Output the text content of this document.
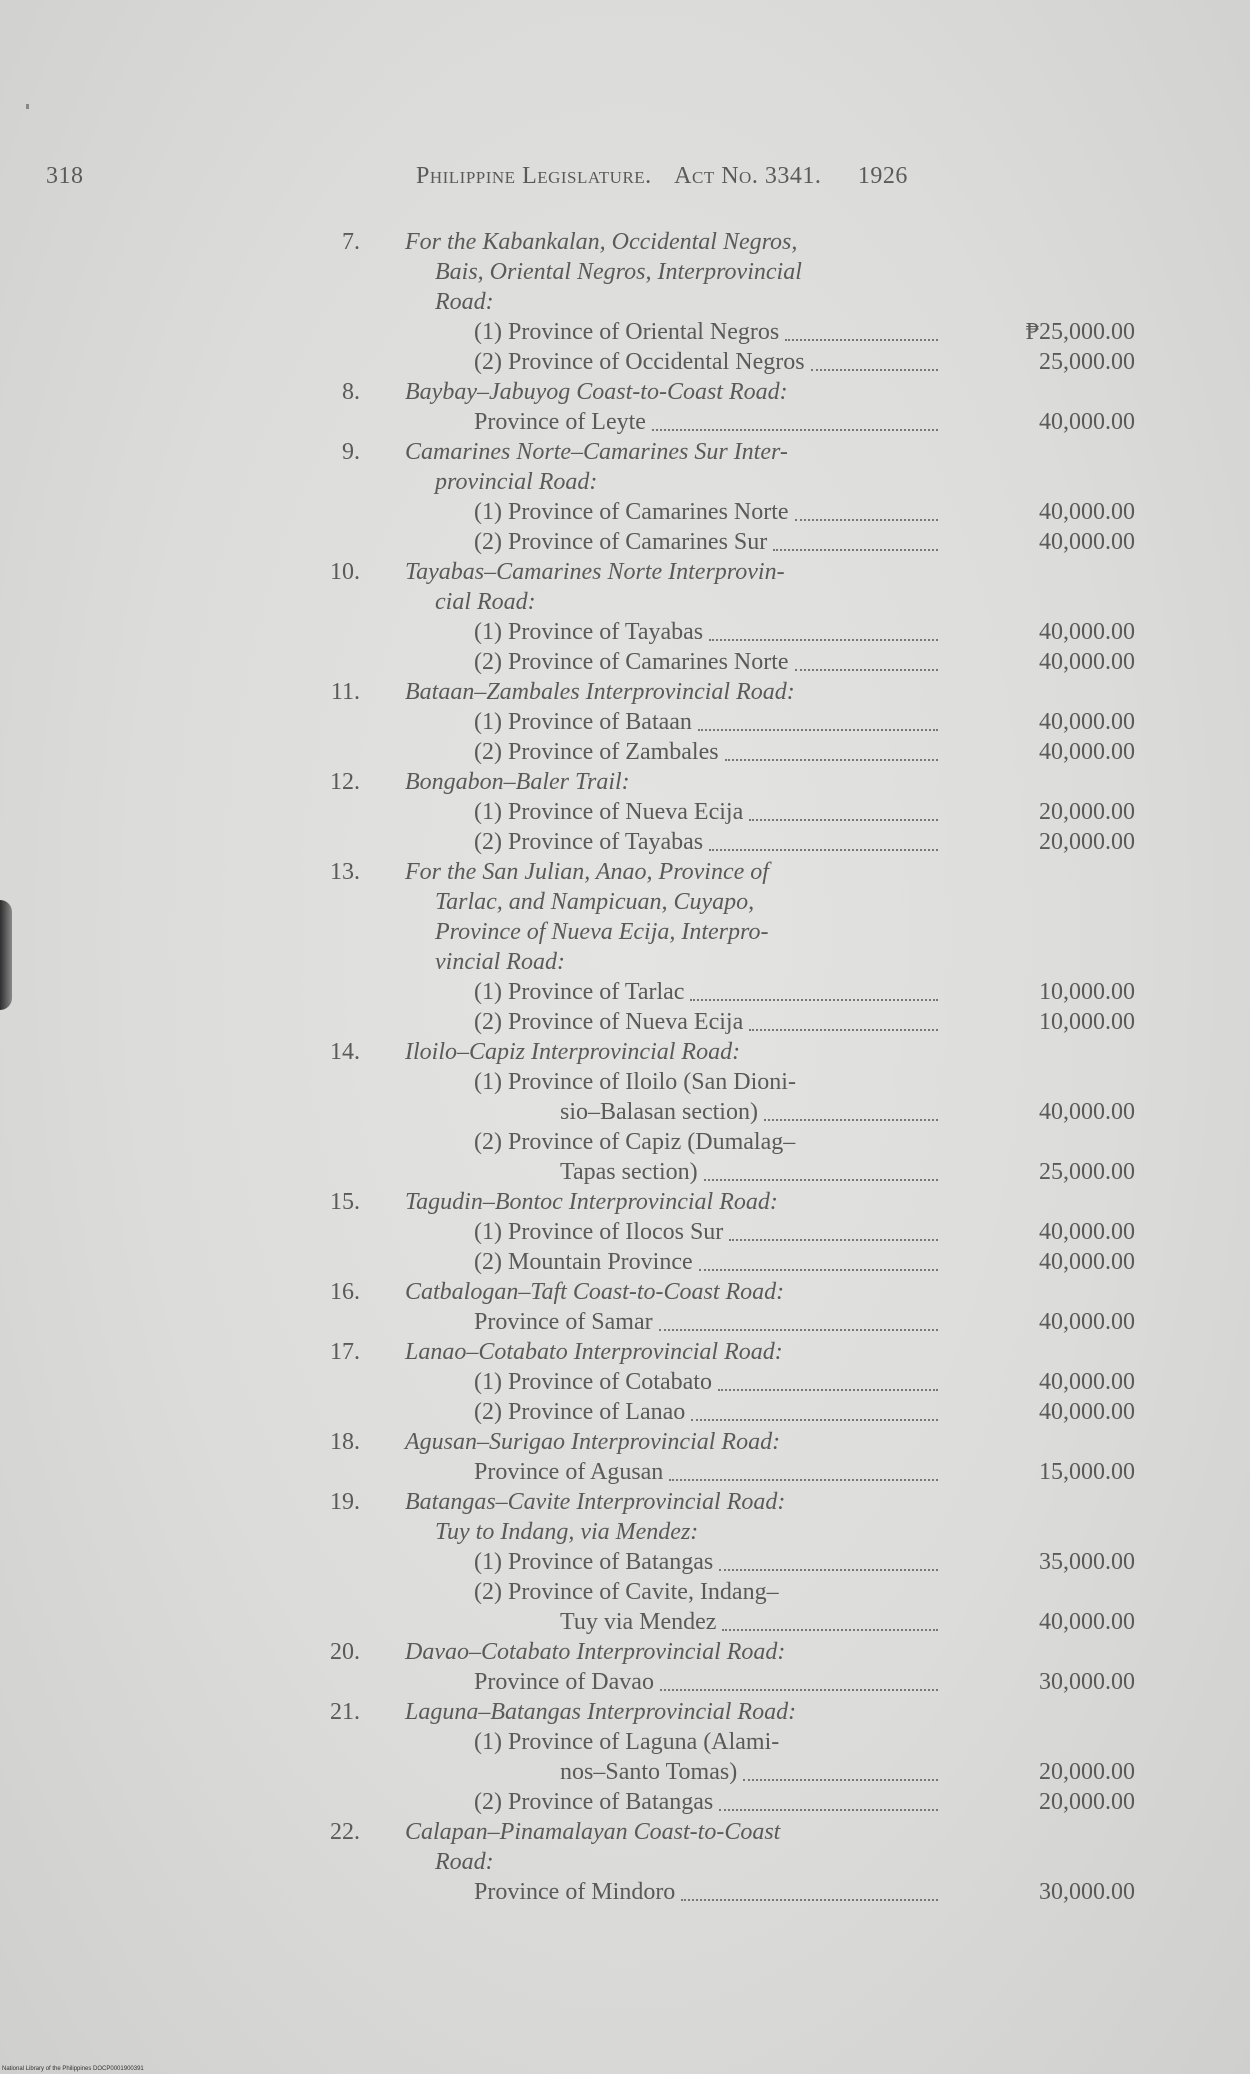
318	Philippine Legislature. Act No. 3341. 1926
7. For the Kabankalan, Occidental Negros,
Bais, Oriental Negros, Interprovincial
Road:
(1) Province of Oriental Negros	₱25,000.00
(2) Province of Occidental Negros	25,000.00
8. Baybay–Jabuyog Coast-to-Coast Road:
Province of Leyte	40,000.00
9. Camarines Norte–Camarines Sur Inter-
provincial Road:
(1) Province of Camarines Norte	40,000.00
(2) Province of Camarines Sur	40,000.00
10. Tayabas–Camarines Norte Interprovin-
cial Road:
(1) Province of Tayabas	40,000.00
(2) Province of Camarines Norte	40,000.00
11. Bataan–Zambales Interprovincial Road:
(1) Province of Bataan	40,000.00
(2) Province of Zambales	40,000.00
12. Bongabon–Baler Trail:
(1) Province of Nueva Ecija	20,000.00
(2) Province of Tayabas	20,000.00
13. For the San Julian, Anao, Province of
Tarlac, and Nampicuan, Cuyapo,
Province of Nueva Ecija, Interpro-
vincial Road:
(1) Province of Tarlac	10,000.00
(2) Province of Nueva Ecija	10,000.00
14. Iloilo–Capiz Interprovincial Road:
(1) Province of Iloilo (San Dioni-
sio–Balasan section)	40,000.00
(2) Province of Capiz (Dumalag–
Tapas section)	25,000.00
15. Tagudin–Bontoc Interprovincial Road:
(1) Province of Ilocos Sur	40,000.00
(2) Mountain Province	40,000.00
16. Catbalogan–Taft Coast-to-Coast Road:
Province of Samar	40,000.00
17. Lanao–Cotabato Interprovincial Road:
(1) Province of Cotabato	40,000.00
(2) Province of Lanao	40,000.00
18. Agusan–Surigao Interprovincial Road:
Province of Agusan	15,000.00
19. Batangas–Cavite Interprovincial Road:
Tuy to Indang, via Mendez:
(1) Province of Batangas	35,000.00
(2) Province of Cavite, Indang–
Tuy via Mendez	40,000.00
20. Davao–Cotabato Interprovincial Road:
Province of Davao	30,000.00
21. Laguna–Batangas Interprovincial Road:
(1) Province of Laguna (Alami-
nos–Santo Tomas)	20,000.00
(2) Province of Batangas	20,000.00
22. Calapan–Pinamalayan Coast-to-Coast
Road:
Province of Mindoro	30,000.00
National Library of the Philippines DOCP0001900391
